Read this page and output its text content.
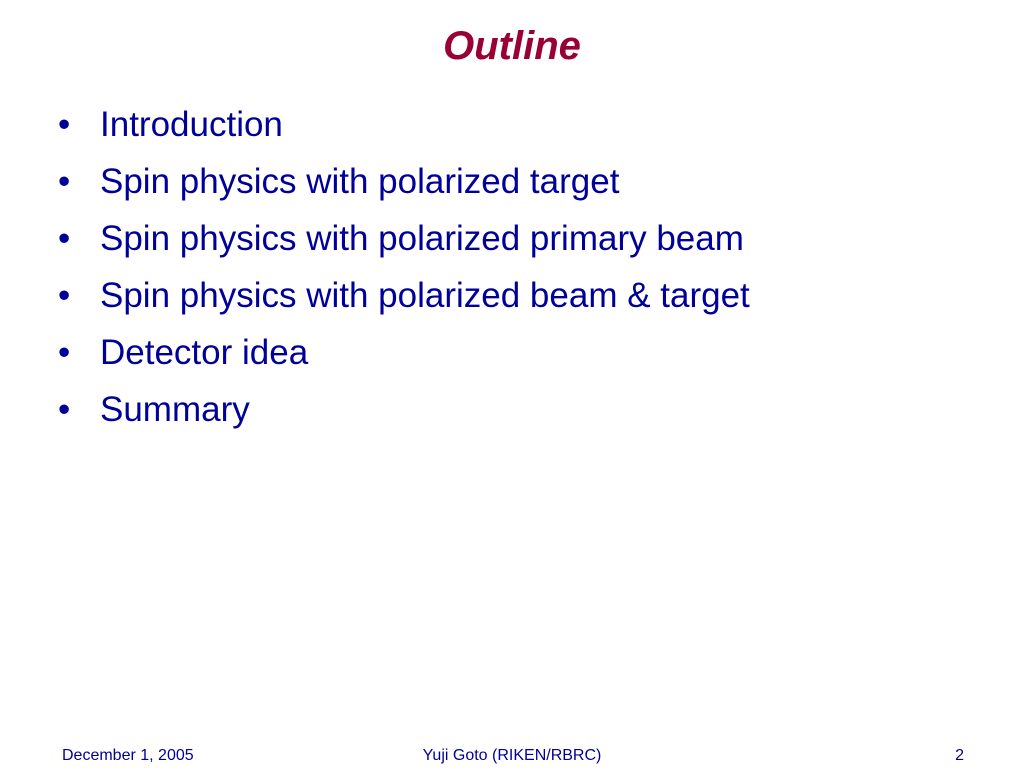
Outline
• Introduction
• Spin physics with polarized target
• Spin physics with polarized primary beam
• Spin physics with polarized beam & target
• Detector idea
• Summary
December 1, 2005	Yuji Goto (RIKEN/RBRC)	2
